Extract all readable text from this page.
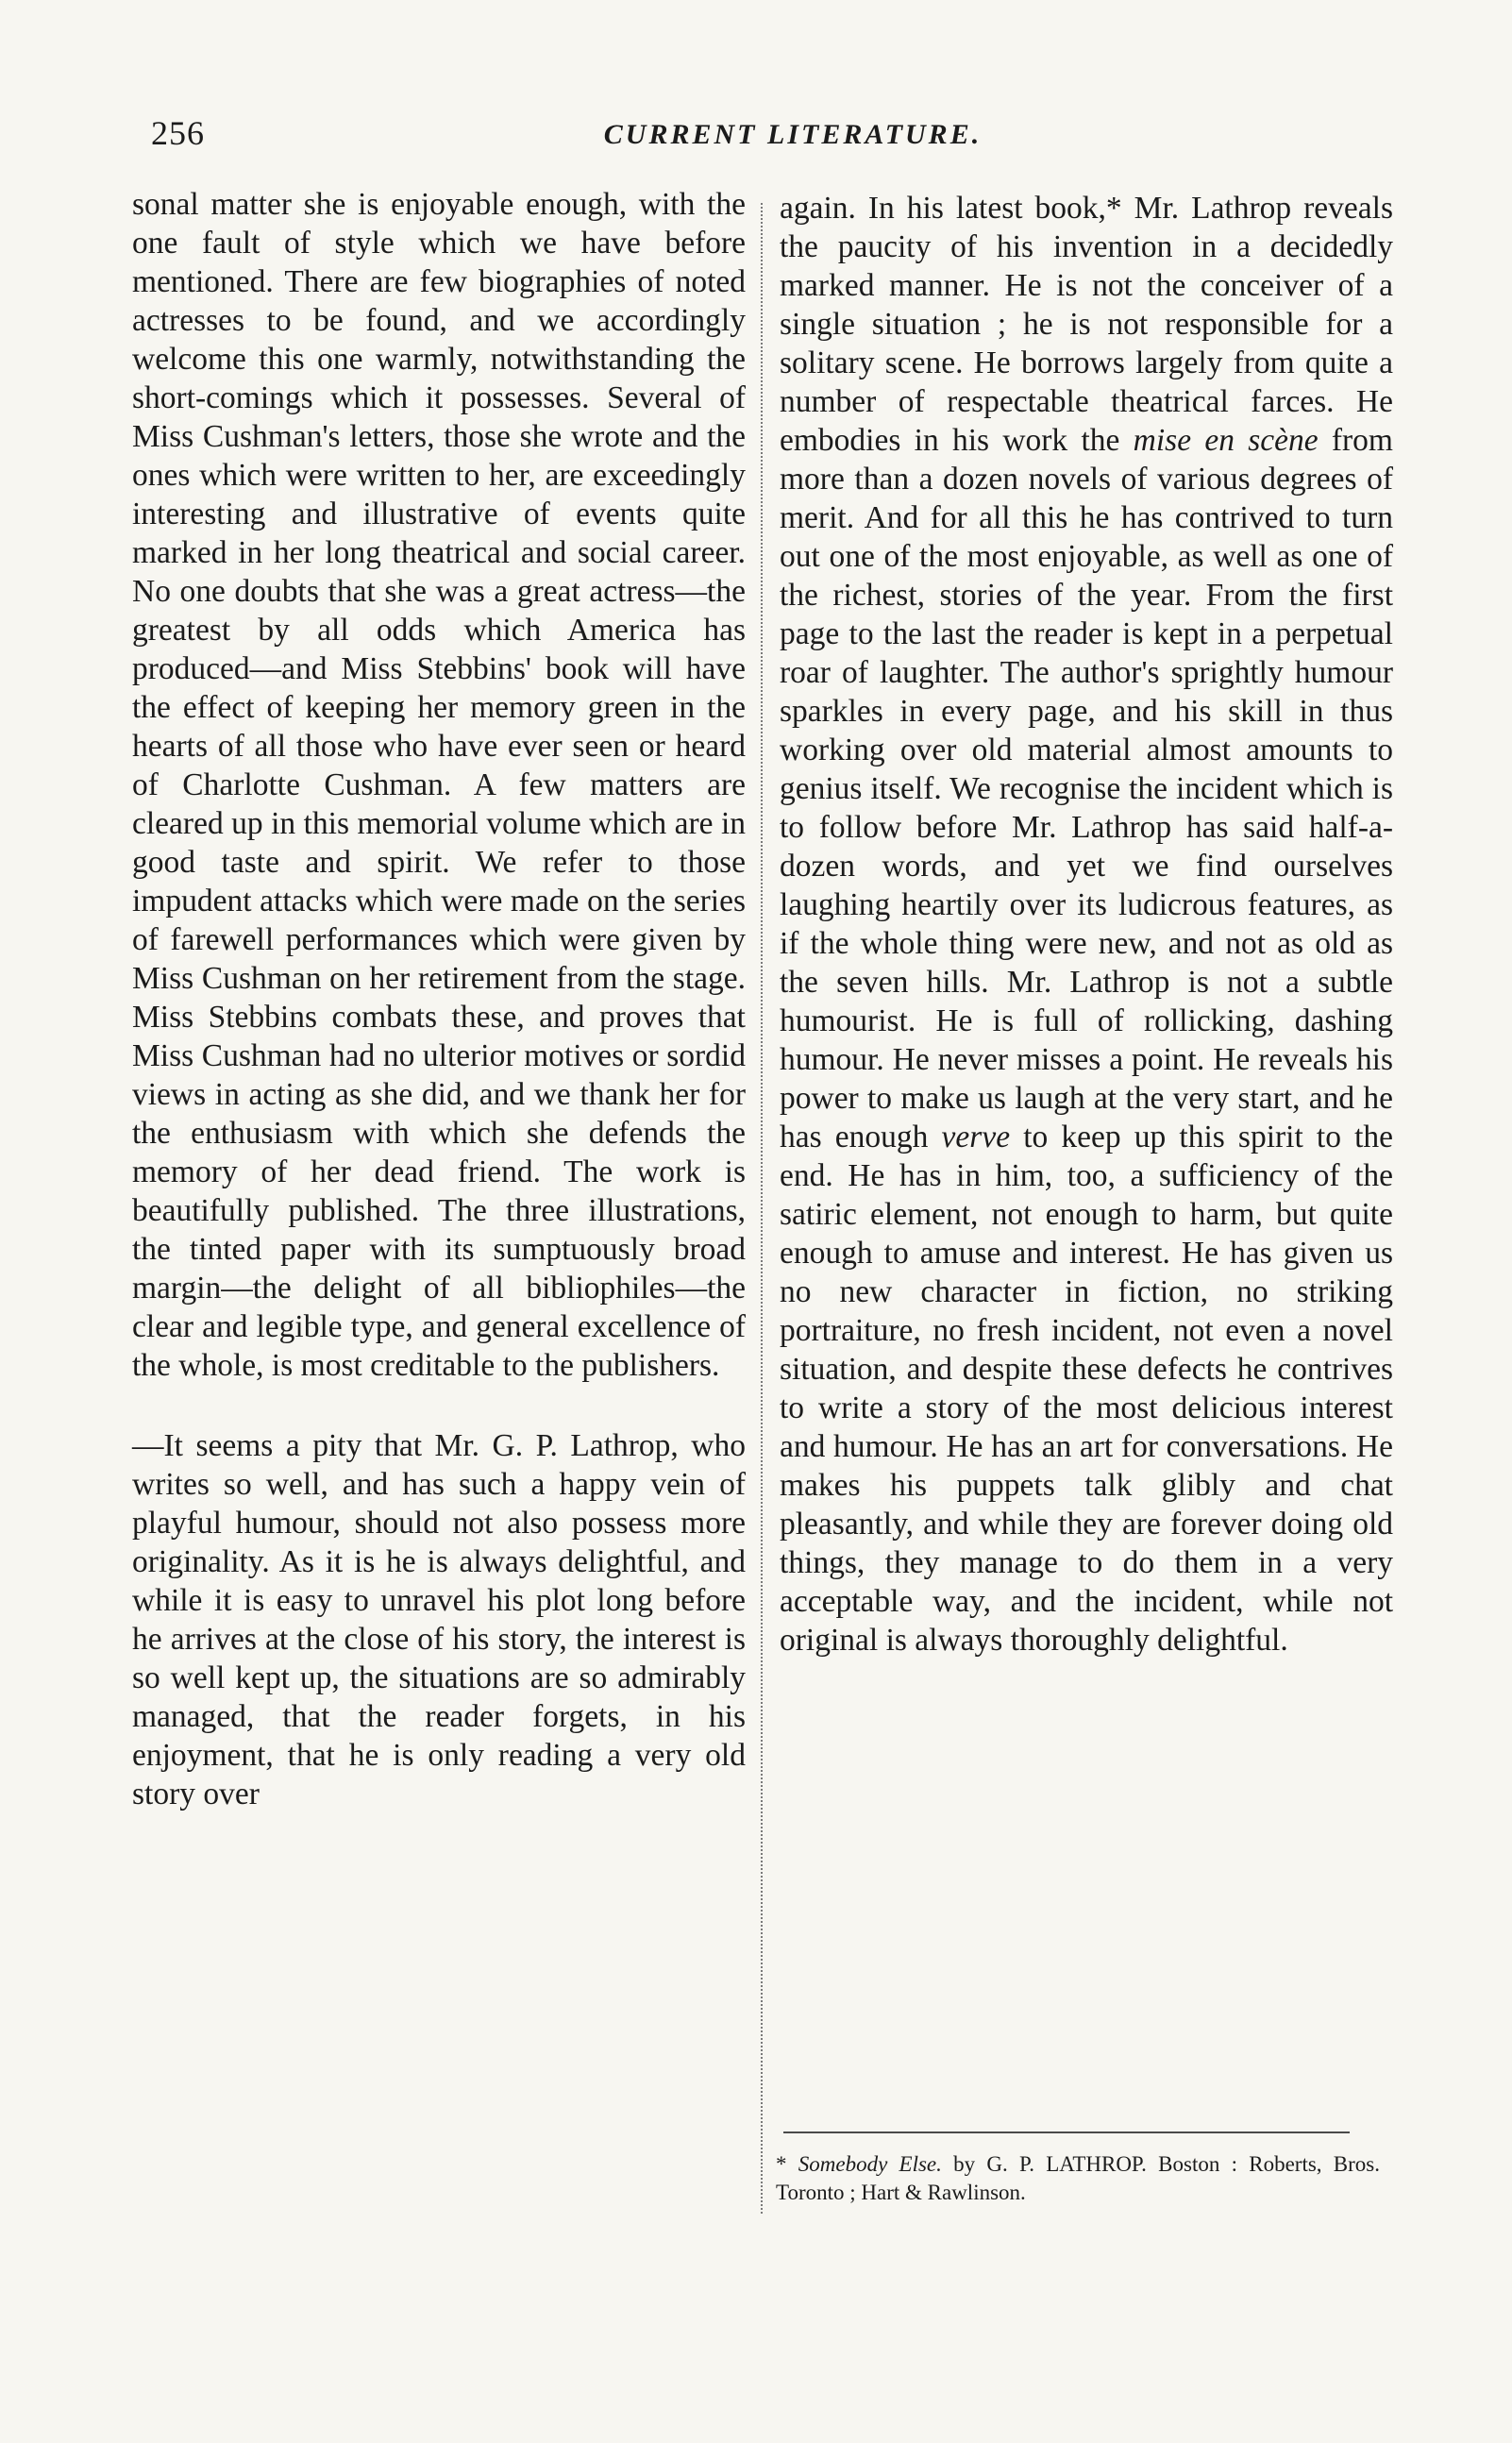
256	CURRENT LITERATURE.

sonal matter she is enjoyable enough, with the one fault of style which we have before mentioned. There are few biographies of noted actresses to be found, and we accordingly welcome this one warmly, notwithstanding the short-comings which it possesses. Several of Miss Cushman's letters, those she wrote and the ones which were written to her, are exceedingly interesting and illustrative of events quite marked in her long theatrical and social career. No one doubts that she was a great actress—the greatest by all odds which America has produced—and Miss Stebbins' book will have the effect of keeping her memory green in the hearts of all those who have ever seen or heard of Charlotte Cushman. A few matters are cleared up in this memorial volume which are in good taste and spirit. We refer to those impudent attacks which were made on the series of farewell performances which were given by Miss Cushman on her retirement from the stage. Miss Stebbins combats these, and proves that Miss Cushman had no ulterior motives or sordid views in acting as she did, and we thank her for the enthusiasm with which she defends the memory of her dead friend. The work is beautifully published. The three illustrations, the tinted paper with its sumptuously broad margin—the delight of all bibliophiles—the clear and legible type, and general excellence of the whole, is most creditable to the publishers.

—It seems a pity that Mr. G. P. Lathrop, who writes so well, and has such a happy vein of playful humour, should not also possess more originality. As it is he is always delightful, and while it is easy to unravel his plot long before he arrives at the close of his story, the interest is so well kept up, the situations are so admirably managed, that the reader forgets, in his enjoyment, that he is only reading a very old story over

again. In his latest book,* Mr. Lathrop reveals the paucity of his invention in a decidedly marked manner. He is not the conceiver of a single situation ; he is not responsible for a solitary scene. He borrows largely from quite a number of respectable theatrical farces. He embodies in his work the mise en scène from more than a dozen novels of various degrees of merit. And for all this he has contrived to turn out one of the most enjoyable, as well as one of the richest, stories of the year. From the first page to the last the reader is kept in a perpetual roar of laughter. The author's sprightly humour sparkles in every page, and his skill in thus working over old material almost amounts to genius itself. We recognise the incident which is to follow before Mr. Lathrop has said half-a-dozen words, and yet we find ourselves laughing heartily over its ludicrous features, as if the whole thing were new, and not as old as the seven hills. Mr. Lathrop is not a subtle humourist. He is full of rollicking, dashing humour. He never misses a point. He reveals his power to make us laugh at the very start, and he has enough verve to keep up this spirit to the end. He has in him, too, a sufficiency of the satiric element, not enough to harm, but quite enough to amuse and interest. He has given us no new character in fiction, no striking portraiture, no fresh incident, not even a novel situation, and despite these defects he contrives to write a story of the most delicious interest and humour. He has an art for conversations. He makes his puppets talk glibly and chat pleasantly, and while they are forever doing old things, they manage to do them in a very acceptable way, and the incident, while not original is always thoroughly delightful.

* Somebody Else. by G. P. LATHROP. Boston : Roberts, Bros. Toronto ; Hart & Rawlinson.
